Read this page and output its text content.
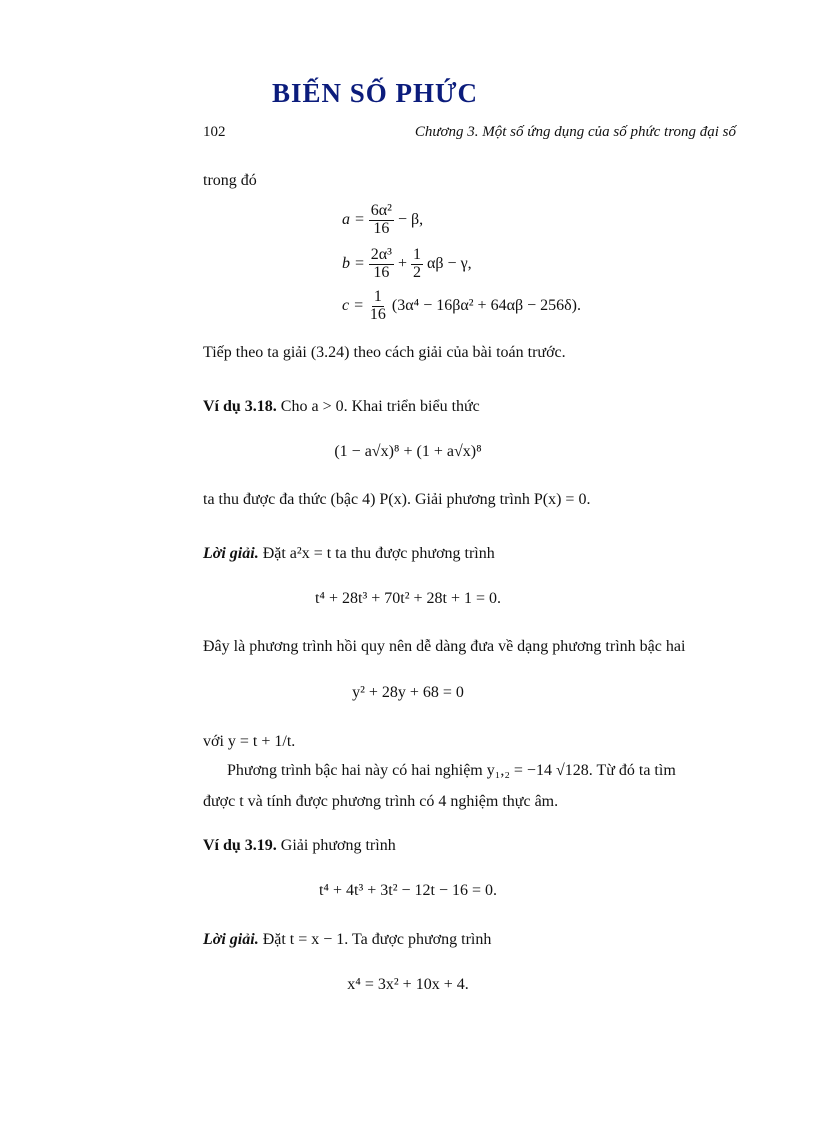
BIẾN SỐ PHỨC
102	Chương 3. Một số ứng dụng của số phức trong đại số
trong đó
$a = \frac{\text{6α²}}{16} - \beta$,
$b = \frac{\text{2α³}}{16} + \frac{1}{2}$ αβ − γ,
$c = \frac{1}{16} (3\alpha^4 - 16\beta\alpha^2 + 64\alpha\beta - 256\delta)$.
Tiếp theo ta giải (3.24) theo cách giải của bài toán trước.
Ví dụ 3.18. Cho a > 0. Khai triển biểu thức
(1 − a√x)⁸ + (1 + a√x)⁸
ta thu được đa thức (bậc 4) P(x). Giải phương trình P(x) = 0.
Lời giải. Đặt a²x = t ta thu được phương trình
t⁴ + 28t³ + 70t² + 28t + 1 = 0.
Đây là phương trình hồi quy nên dễ dàng đưa về dạng phương trình bậc hai
y² + 28y + 68 = 0
với y = t + 1/t.
Phương trình bậc hai này có hai nghiệm y₁,₂ = −14 √128. Từ đó ta tìm
được t và tính được phương trình có 4 nghiệm thực âm.
Ví dụ 3.19. Giải phương trình
t⁴ + 4t³ + 3t² − 12t − 16 = 0.
Lời giải. Đặt t = x − 1. Ta được phương trình
x⁴ = 3x² + 10x + 4.
